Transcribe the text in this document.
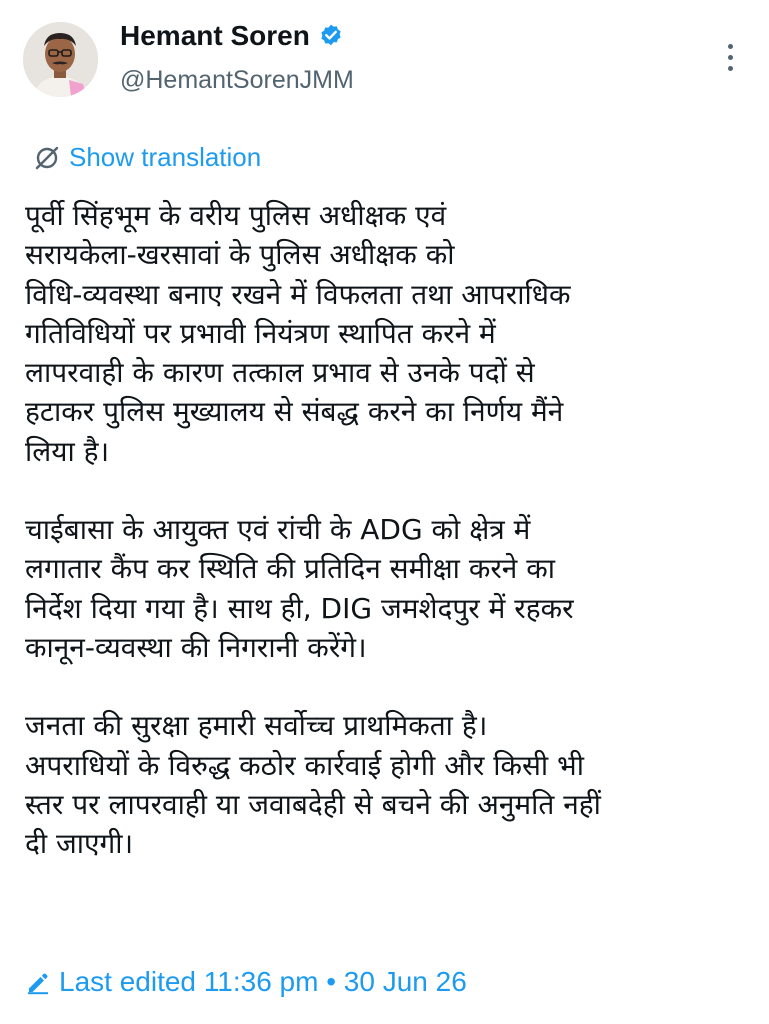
Hemant Soren
@HemantSorenJMM
Show translation

पूर्वी सिंहभूम के वरीय पुलिस अधीक्षक एवं
सरायकेला-खरसावां के पुलिस अधीक्षक को
विधि-व्यवस्था बनाए रखने में विफलता तथा आपराधिक
गतिविधियों पर प्रभावी नियंत्रण स्थापित करने में
लापरवाही के कारण तत्काल प्रभाव से उनके पदों से
हटाकर पुलिस मुख्यालय से संबद्ध करने का निर्णय मैंने
लिया है।

चाईबासा के आयुक्त एवं रांची के ADG को क्षेत्र में
लगातार कैंप कर स्थिति की प्रतिदिन समीक्षा करने का
निर्देश दिया गया है। साथ ही, DIG जमशेदपुर में रहकर
कानून-व्यवस्था की निगरानी करेंगे।

जनता की सुरक्षा हमारी सर्वोच्च प्राथमिकता है।
अपराधियों के विरुद्ध कठोर कार्रवाई होगी और किसी भी
स्तर पर लापरवाही या जवाबदेही से बचने की अनुमति नहीं
दी जाएगी।

Last edited 11:36 pm • 30 Jun 26
